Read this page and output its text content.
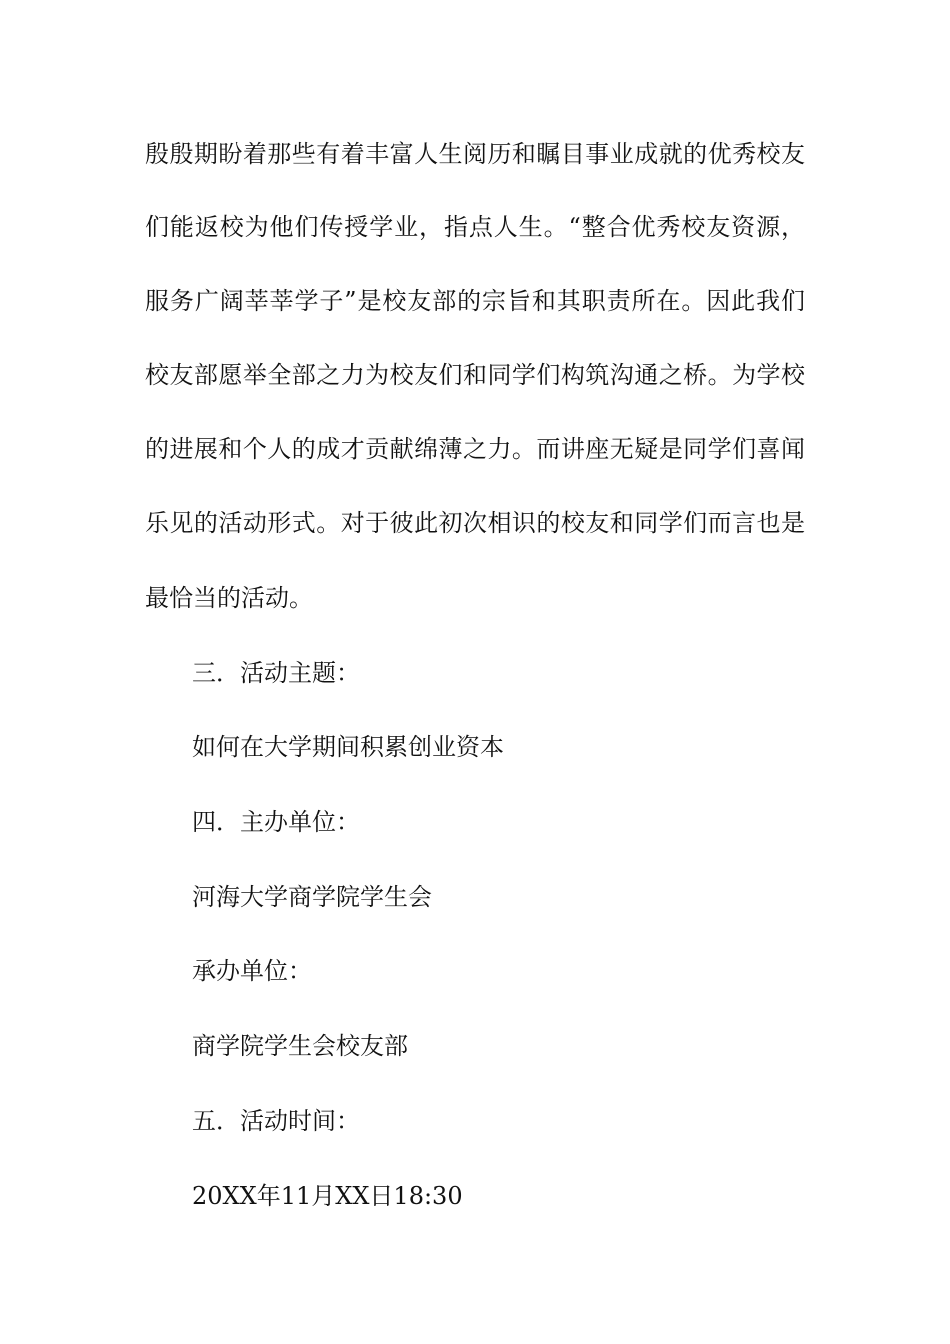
殷殷期盼着那些有着丰富人生阅历和瞩目事业成就的优秀校友
们能返校为他们传授学业，指点人生。“整合优秀校友资源，
服务广阔莘莘学子”是校友部的宗旨和其职责所在。因此我们
校友部愿举全部之力为校友们和同学们构筑沟通之桥。为学校
的进展和个人的成才贡献绵薄之力。而讲座无疑是同学们喜闻
乐见的活动形式。对于彼此初次相识的校友和同学们而言也是
最恰当的活动。
三．活动主题：
如何在大学期间积累创业资本
四．主办单位：
河海大学商学院学生会
承办单位：
商学院学生会校友部
五．活动时间：
20XX年11月XX日18:30
